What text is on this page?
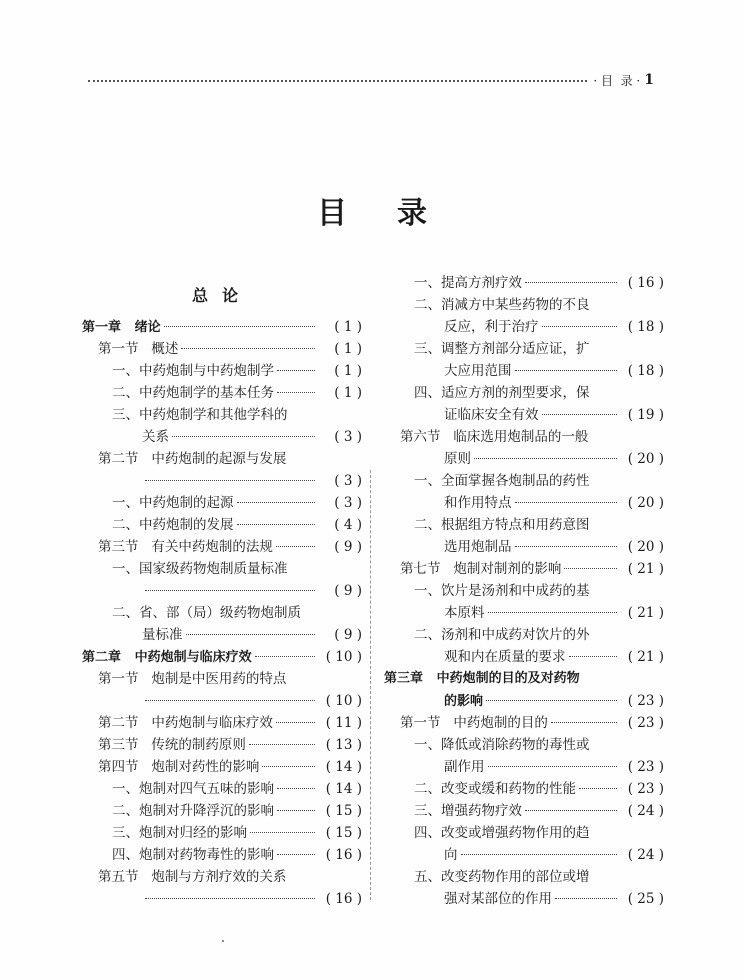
· 目  录 · 1
目录
总论
第一章   绪论	( 1 )
第一节   概述	( 1 )
一、中药炮制与中药炮制学	( 1 )
二、中药炮制学的基本任务	( 1 )
三、中药炮制学和其他学科的
关系	( 3 )
第二节   中药炮制的起源与发展
( 3 )
一、中药炮制的起源	( 3 )
二、中药炮制的发展	( 4 )
第三节   有关中药炮制的法规	( 9 )
一、国家级药物炮制质量标准
( 9 )
二、省、部（局）级药物炮制质
量标准	( 9 )
第二章   中药炮制与临床疗效	( 10 )
第一节   炮制是中医用药的特点
( 10 )
第二节   中药炮制与临床疗效	( 11 )
第三节   传统的制药原则	( 13 )
第四节   炮制对药性的影响	( 14 )
一、炮制对四气五味的影响	( 14 )
二、炮制对升降浮沉的影响	( 15 )
三、炮制对归经的影响	( 15 )
四、炮制对药物毒性的影响	( 16 )
第五节   炮制与方剂疗效的关系
( 16 )
一、提高方剂疗效	( 16 )
二、消减方中某些药物的不良
反应，利于治疗	( 18 )
三、调整方剂部分适应证，扩
大应用范围	( 18 )
四、适应方剂的剂型要求，保
证临床安全有效	( 19 )
第六节   临床选用炮制品的一般
原则	( 20 )
一、全面掌握各炮制品的药性
和作用特点	( 20 )
二、根据组方特点和用药意图
选用炮制品	( 20 )
第七节   炮制对制剂的影响	( 21 )
一、饮片是汤剂和中成药的基
本原料	( 21 )
二、汤剂和中成药对饮片的外
观和内在质量的要求	( 21 )
第三章   中药炮制的目的及对药物
的影响	( 23 )
第一节   中药炮制的目的	( 23 )
一、降低或消除药物的毒性或
副作用	( 23 )
二、改变或缓和药物的性能	( 23 )
三、增强药物疗效	( 24 )
四、改变或增强药物作用的趋
向	( 24 )
五、改变药物作用的部位或增
强对某部位的作用	( 25 )
